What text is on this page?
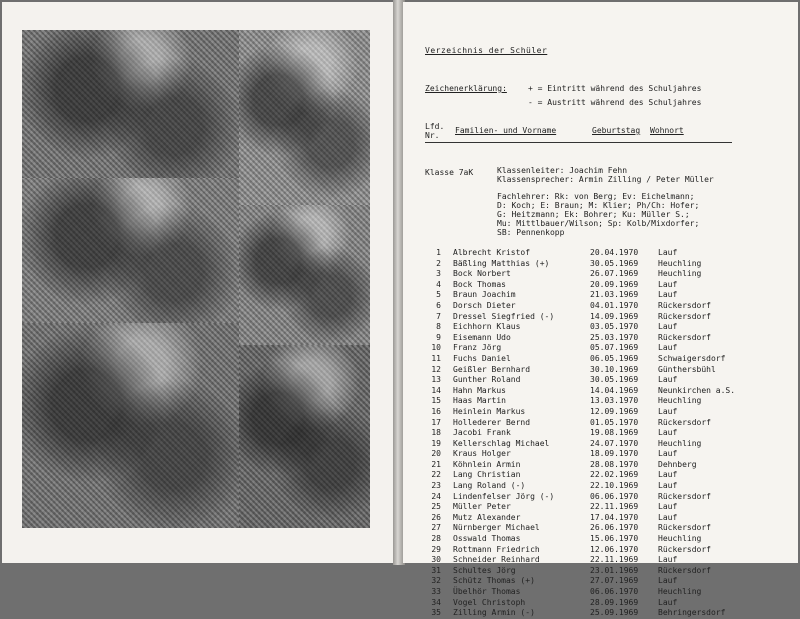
Verzeichnis der Schüler
Zeichenerklärung:	+ = Eintritt während des Schuljahres
- = Austritt während des Schuljahres
Lfd. Nr.
Familien- und Vorname	Geburtstag Wohnort
Klasse 7aK	Klassenleiter: Joachim Fehn
Klassensprecher: Armin Zilling / Peter Müller
Fachlehrer: Rk: von Berg; Ev: Eichelmann;
D: Koch; E: Braun; M: Klier; Ph/Ch: Hofer;
G: Heitzmann; Ek: Bohrer; Ku: Müller S.;
Mu: Mittlbauer/Wilson; Sp: Kolb/Mixdorfer;
SB: Pennenkopp
1 Albrecht Kristof	20.04.1970 Lauf
2 Bäßling Matthias (+)	30.05.1969 Heuchling
3 Bock Norbert	26.07.1969 Heuchling
4 Bock Thomas	20.09.1969 Lauf
5 Braun Joachim	21.03.1969 Lauf
6 Dorsch Dieter	04.01.1970 Rückersdorf
7 Dressel Siegfried (-)	14.09.1969 Rückersdorf
8 Eichhorn Klaus	03.05.1970 Lauf
9 Eisemann Udo	25.03.1970 Rückersdorf
10 Franz Jörg	05.07.1969 Lauf
11 Fuchs Daniel	06.05.1969 Schwaigersdorf
12 Geißler Bernhard	30.10.1969 Günthersbühl
13 Gunther Roland	30.05.1969 Lauf
14 Hahn Markus	14.04.1969 Neunkirchen a.S.
15 Haas Martin	13.03.1970 Heuchling
16 Heinlein Markus	12.09.1969 Lauf
17 Hollederer Bernd	01.05.1970 Rückersdorf
18 Jacobi Frank	19.08.1969 Lauf
19 Kellerschlag Michael	24.07.1970 Heuchling
20 Kraus Holger	18.09.1970 Lauf
21 Köhnlein Armin	28.08.1970 Dehnberg
22 Lang Christian	22.02.1969 Lauf
23 Lang Roland (-)	22.10.1969 Lauf
24 Lindenfelser Jörg (-)	06.06.1970 Rückersdorf
25 Müller Peter	22.11.1969 Lauf
26 Mutz Alexander	17.04.1970 Lauf
27 Nürnberger Michael	26.06.1970 Rückersdorf
28 Osswald Thomas	15.06.1970 Heuchling
29 Rottmann Friedrich	12.06.1970 Rückersdorf
30 Schneider Reinhard	22.11.1969 Lauf
31 Schultes Jörg	23.01.1969 Rückersdorf
32 Schütz Thomas (+)	27.07.1969 Lauf
33 Übelhör Thomas	06.06.1970 Heuchling
34 Vogel Christoph	28.09.1969 Lauf
35 Zilling Armin (-)	25.09.1969 Behringersdorf
